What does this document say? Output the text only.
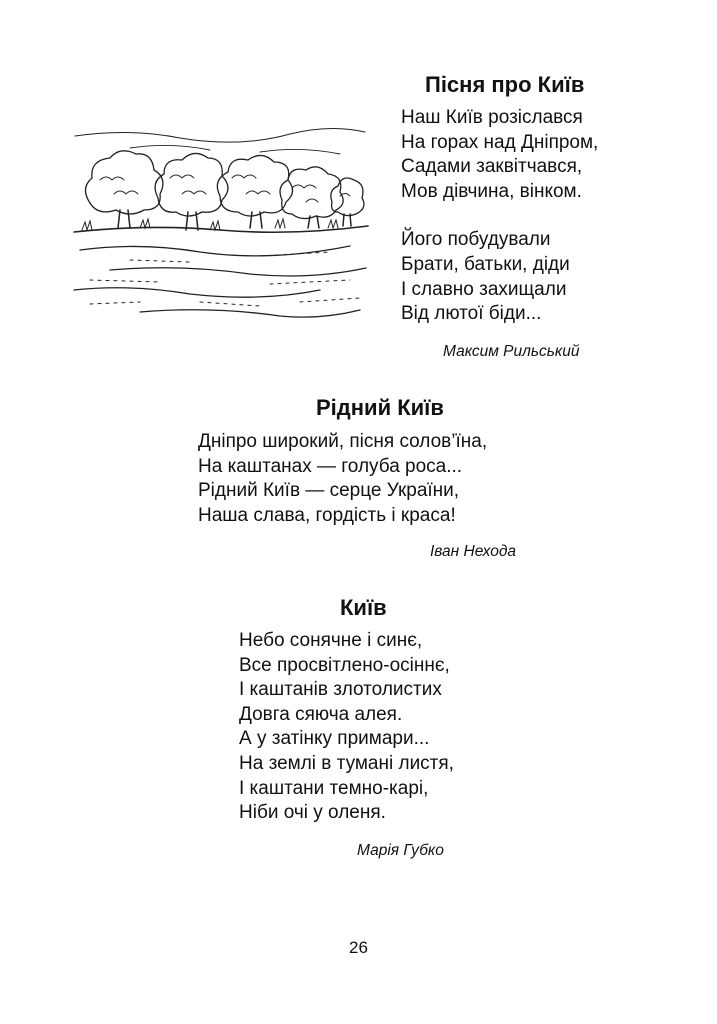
Пісня про Київ
Наш Київ розіслався
На горах над Дніпром,
Садами заквітчався,
Мов дівчина, вінком.
Його побудували
Брати, батьки, діди
І славно захищали
Від лютої біди...
Максим Рильський
Рідний Київ
Дніпро широкий, пісня солов’їна,
На каштанах — голуба роса...
Рідний Київ — серце України,
Наша слава, гордість і краса!
Іван Нехода
Київ
Небо сонячне і синє,
Все просвітлено-осіннє,
І каштанів злотолистих
Довга сяюча алея.
А у затінку примари...
На землі в тумані листя,
І каштани темно-карі,
Ніби очі у оленя.
Марія Губко
26
